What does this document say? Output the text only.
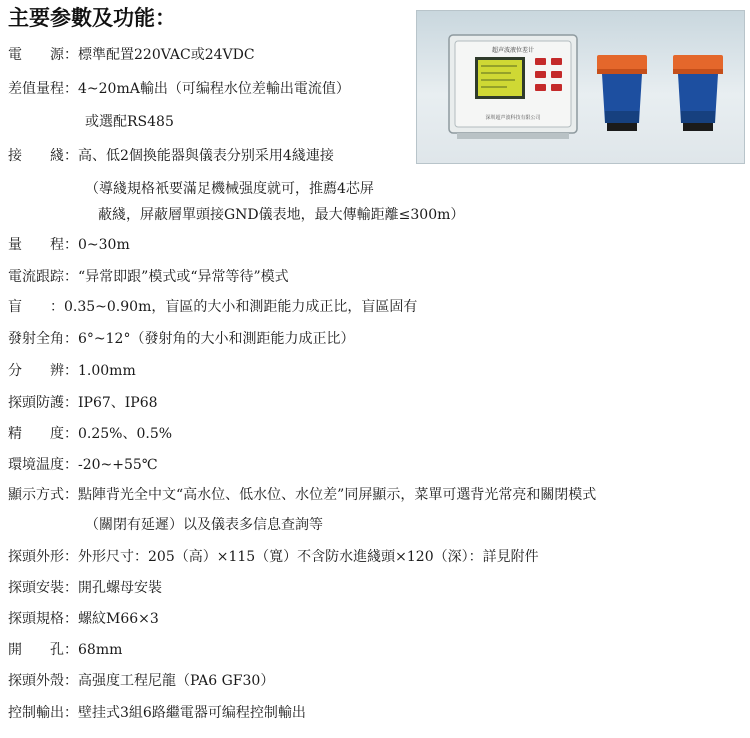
主要参數及功能：
超声波液位差计
深圳超声波科技有限公司
電　　源：標準配置220VAC或24VDC
差值量程：4~20mA輸出（可编程水位差輸出電流值）
或選配RS485
接　　綫：高、低2個換能器與儀表分别采用4綫連接
（導綫規格衹要滿足機械强度就可，推薦4芯屏
蔽綫，屏蔽層單頭接GND儀表地，最大傳輸距離≤300m）
量　　程：0~30m
電流跟踪：“异常即跟”模式或“异常等待”模式
盲　　：0.35~0.90m，盲區的大小和測距能力成正比，盲區固有
發射全角：6°~12°（發射角的大小和測距能力成正比）
分　　辨：1.00mm
探頭防護：IP67、IP68
精　　度：0.25%、0.5%
環境温度：-20~+55℃
顯示方式：點陣背光全中文“高水位、低水位、水位差”同屏顯示，菜單可選背光常亮和關閉模式
（關閉有延遲）以及儀表多信息查詢等
探頭外形：外形尺寸：205（高）×115（寬）不含防水進綫頭×120（深）：詳見附件
探頭安裝：開孔螺母安裝
探頭規格：螺紋M66×3
開　　孔：68mm
探頭外殼：高强度工程尼龍（PA6 GF30）
控制輸出：壁挂式3組6路繼電器可编程控制輸出
